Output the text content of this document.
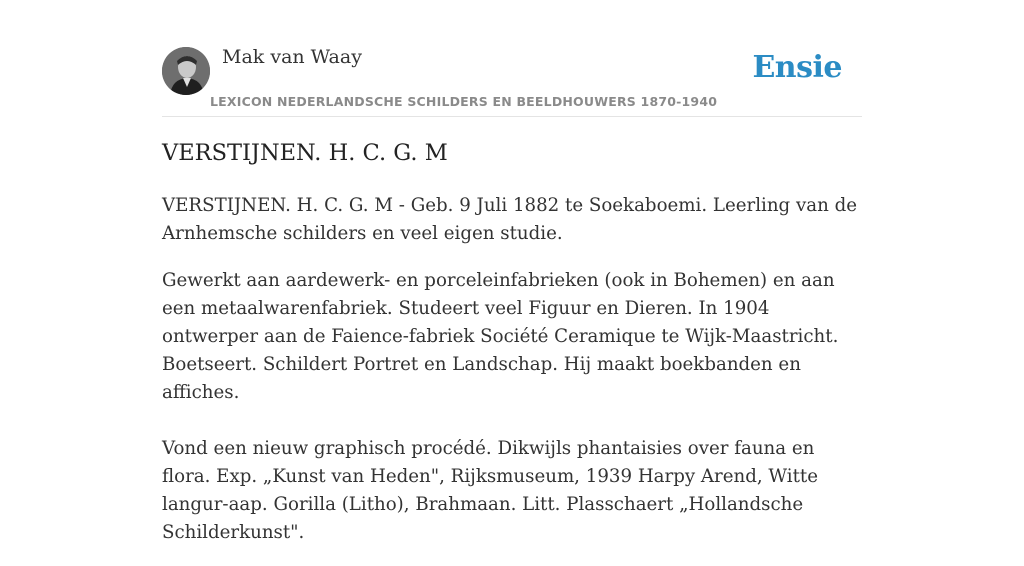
Mak van Waay
LEXICON NEDERLANDSCHE SCHILDERS EN BEELDHOUWERS 1870-1940
Ensie
VERSTIJNEN. H. C. G. M

VERSTIJNEN. H. C. G. M - Geb. 9 Juli 1882 te Soekaboemi. Leerling van de Arnhemsche schilders en veel eigen studie.

Gewerkt aan aardewerk- en porceleinfabrieken (ook in Bohemen) en aan een metaalwarenfabriek. Studeert veel Figuur en Dieren. In 1904 ontwerper aan de Faience-fabriek Société Ceramique te Wijk-Maastricht. Boetseert. Schildert Portret en Landschap. Hij maakt boekbanden en affiches.

Vond een nieuw graphisch procédé. Dikwijls phantaisies over fauna en flora. Exp. „Kunst van Heden", Rijksmuseum, 1939 Harpy Arend, Witte langur-aap. Gorilla (Litho), Brahmaan. Litt. Plasschaert „Hollandsche Schilderkunst".
